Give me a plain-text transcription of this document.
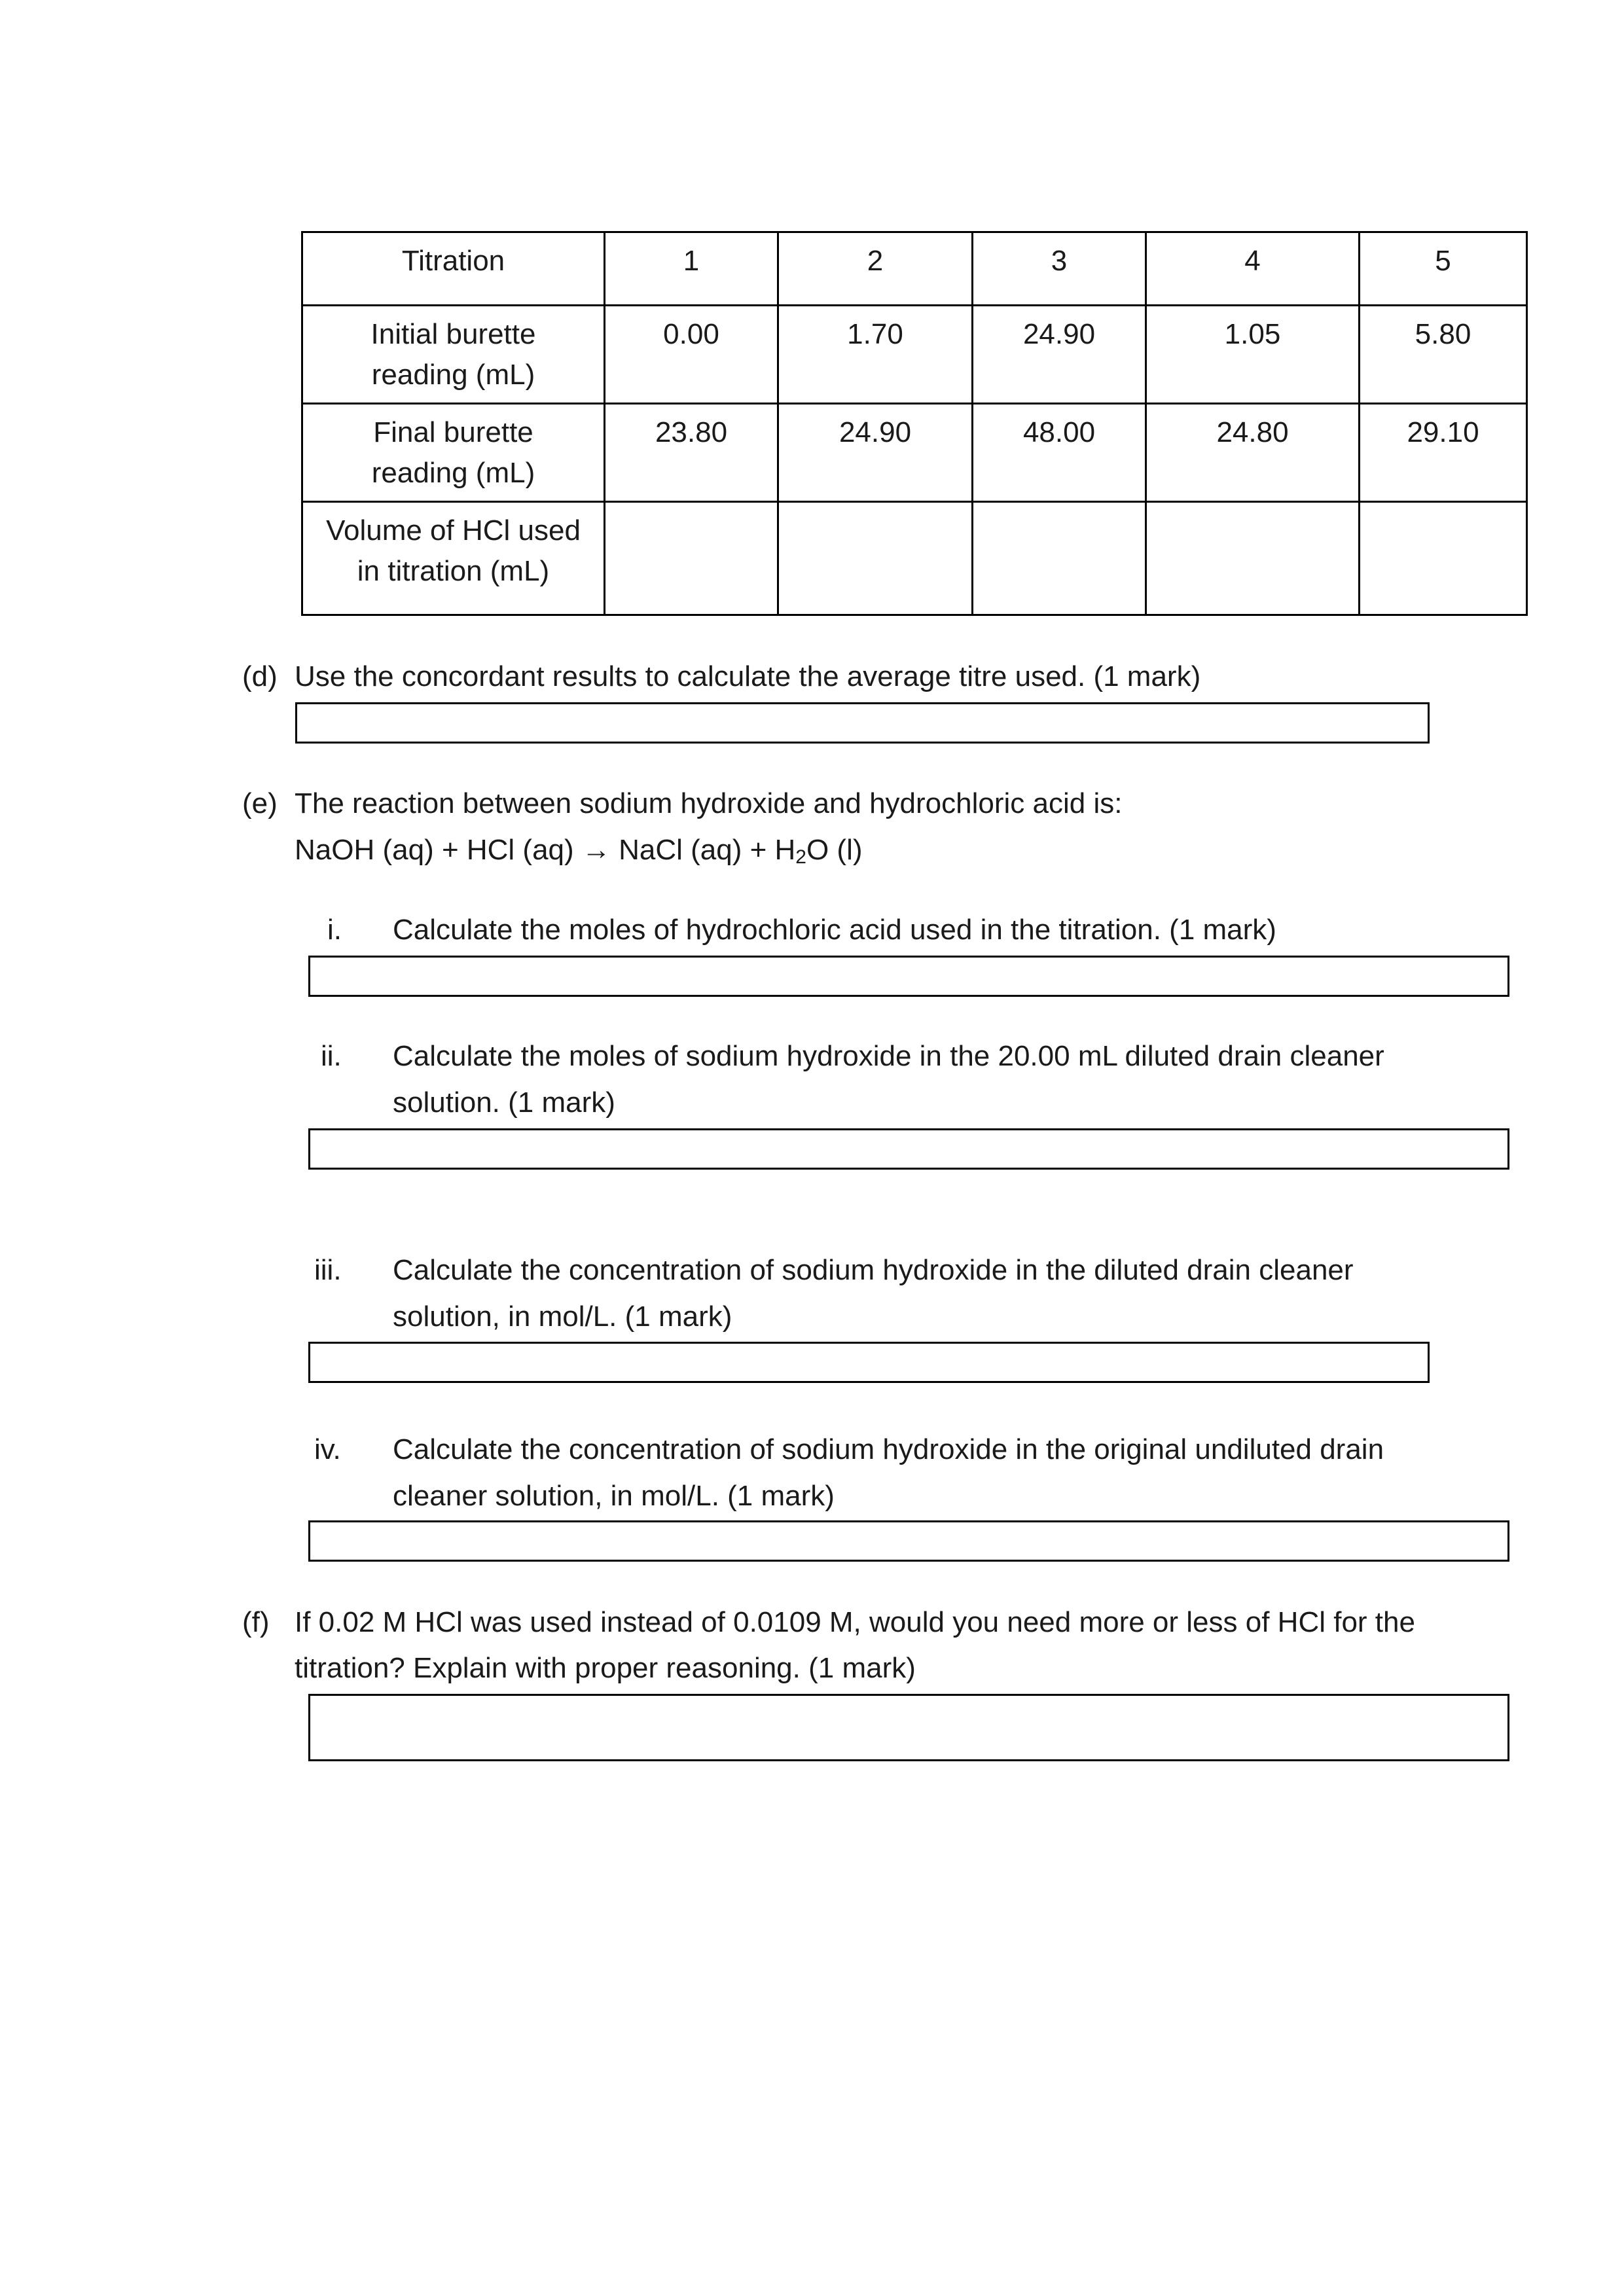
Titration	1	2	3	4	5

Initial burette
reading (mL)	0.00	1.70	24.90	1.05	5.80

Final burette
reading (mL)	23.80	24.90	48.00	24.80	29.10

Volume of HCl used
in titration (mL)					

(d) Use the concordant results to calculate the average titre used. (1 mark)
(e) The reaction between sodium hydroxide and hydrochloric acid is:
NaOH (aq) + HCl (aq) → NaCl $(aq) + H_2O$ (l)
i. Calculate the moles of hydrochloric acid used in the titration. (1 mark)
ii. Calculate the moles of sodium hydroxide in the 20.00 mL diluted drain cleaner
solution. (1 mark)
iii. Calculate the concentration of sodium hydroxide in the diluted drain cleaner
solution, in mol/L. (1 mark)
iv. Calculate the concentration of sodium hydroxide in the original undiluted drain
cleaner solution, in mol/L. (1 mark)
(f) If 0.02 M HCl was used instead of 0.0109 M, would you need more or less of HCl for the
titration? Explain with proper reasoning. (1 mark)
